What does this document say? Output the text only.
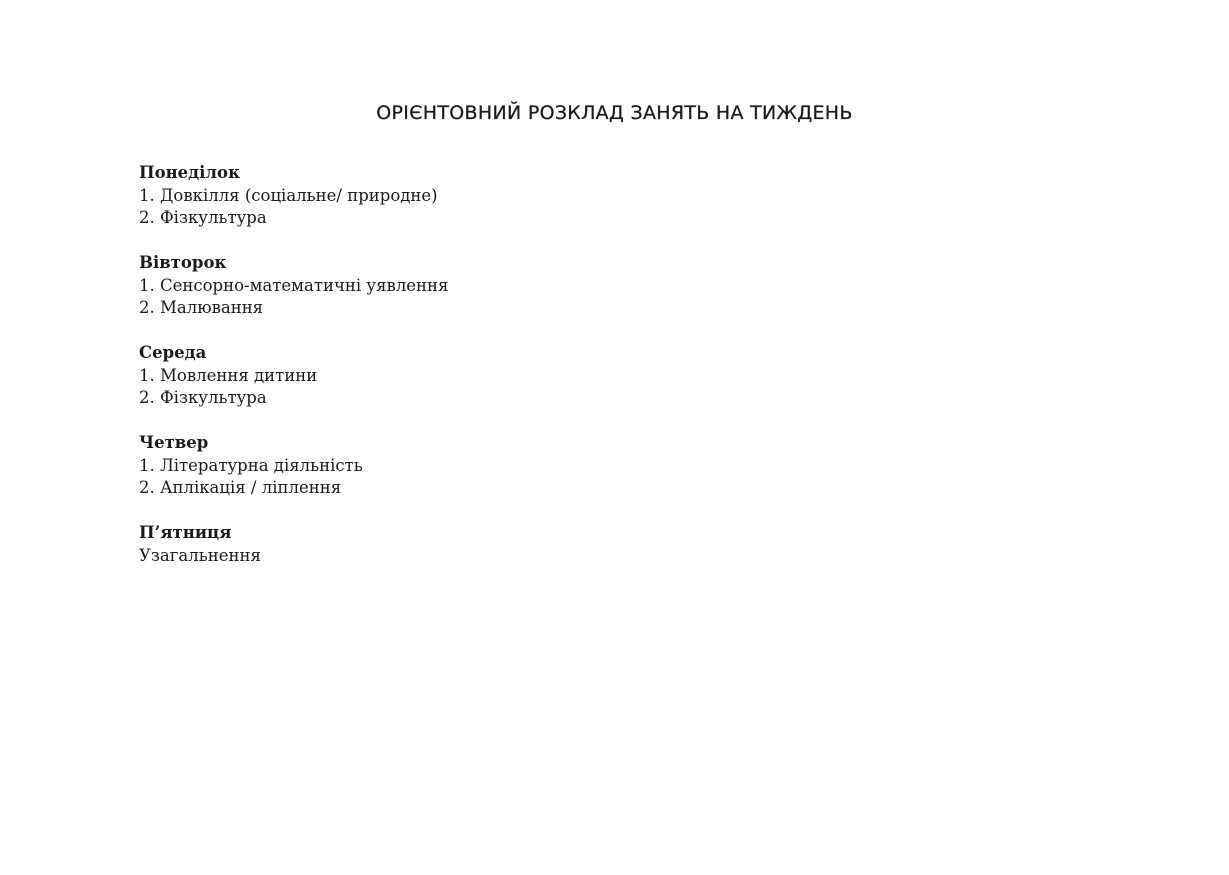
ОРІЄНТОВНИЙ РОЗКЛАД ЗАНЯТЬ НА ТИЖДЕНЬ
Понеділок
1. Довкілля (соціальне/ природне)
2. Фізкультура
Вівторок
1. Сенсорно-математичні уявлення
2. Малювання
Середа
1. Мовлення дитини
2. Фізкультура
Четвер
1. Літературна діяльність
2. Аплікація / ліплення
П’ятниця
Узагальнення
